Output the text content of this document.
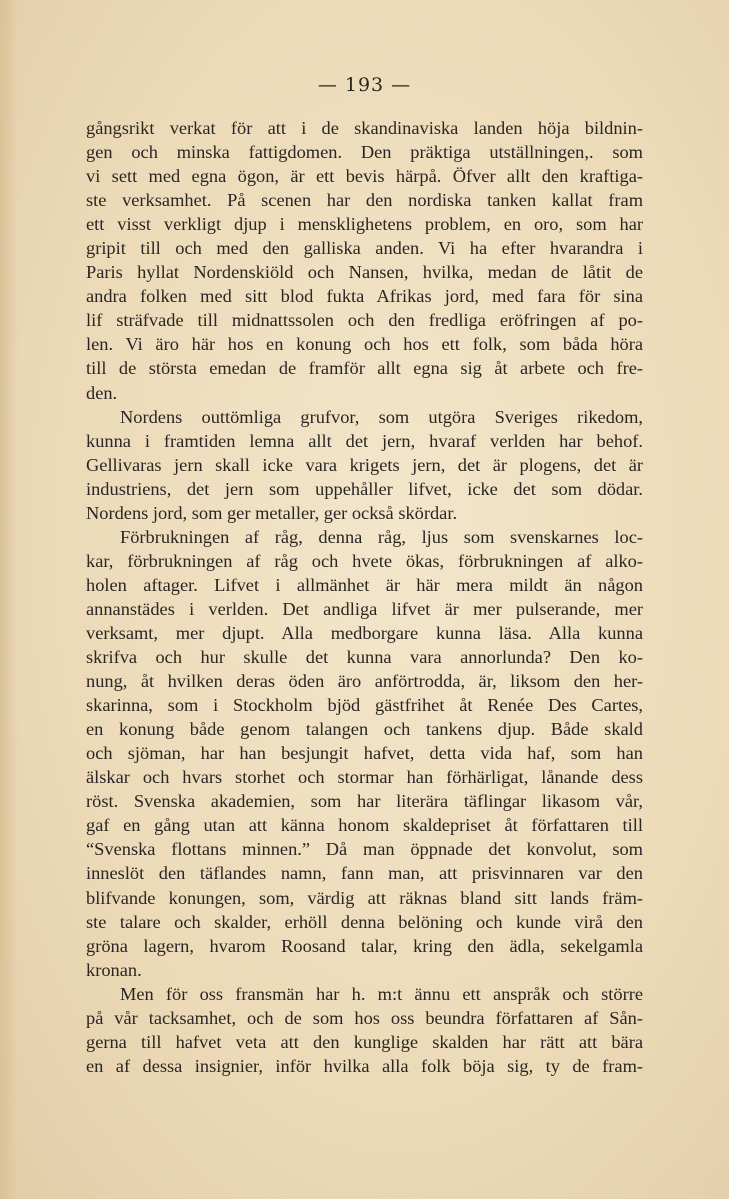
— 193 —
gångsrikt verkat för att i de skandinaviska landen höja bildnin-
gen och minska fattigdomen. Den präktiga utställningen,. som
vi sett med egna ögon, är ett bevis härpå. Öfver allt den kraftiga-
ste verksamhet. På scenen har den nordiska tanken kallat fram
ett visst verkligt djup i mensklighetens problem, en oro, som har
gripit till och med den galliska anden. Vi ha efter hvarandra i
Paris hyllat Nordenskiöld och Nansen, hvilka, medan de låtit de
andra folken med sitt blod fukta Afrikas jord, med fara för sina
lif sträfvade till midnattssolen och den fredliga eröfringen af po-
len. Vi äro här hos en konung och hos ett folk, som båda höra
till de största emedan de framför allt egna sig åt arbete och fre-
den.
Nordens outtömliga grufvor, som utgöra Sveriges rikedom,
kunna i framtiden lemna allt det jern, hvaraf verlden har behof.
Gellivaras jern skall icke vara krigets jern, det är plogens, det är
industriens, det jern som uppehåller lifvet, icke det som dödar.
Nordens jord, som ger metaller, ger också skördar.
Förbrukningen af råg, denna råg, ljus som svenskarnes loc-
kar, förbrukningen af råg och hvete ökas, förbrukningen af alko-
holen aftager. Lifvet i allmänhet är här mera mildt än någon
annanstädes i verlden. Det andliga lifvet är mer pulserande, mer
verksamt, mer djupt. Alla medborgare kunna läsa. Alla kunna
skrifva och hur skulle det kunna vara annorlunda? Den ko-
nung, åt hvilken deras öden äro anförtrodda, är, liksom den her-
skarinna, som i Stockholm bjöd gästfrihet åt Renée Des Cartes,
en konung både genom talangen och tankens djup. Både skald
och sjöman, har han besjungit hafvet, detta vida haf, som han
älskar och hvars storhet och stormar han förhärligat, lånande dess
röst. Svenska akademien, som har literära täflingar likasom vår,
gaf en gång utan att känna honom skaldepriset åt författaren till
“Svenska flottans minnen.” Då man öppnade det konvolut, som
inneslöt den täflandes namn, fann man, att prisvinnaren var den
blifvande konungen, som, värdig att räknas bland sitt lands främ-
ste talare och skalder, erhöll denna belöning och kunde virå den
gröna lagern, hvarom Roosand talar, kring den ädla, sekelgamla
kronan.
Men för oss fransmän har h. m:t ännu ett anspråk och större
på vår tacksamhet, och de som hos oss beundra författaren af Sån-
gerna till hafvet veta att den kunglige skalden har rätt att bära
en af dessa insignier, inför hvilka alla folk böja sig, ty de fram-
